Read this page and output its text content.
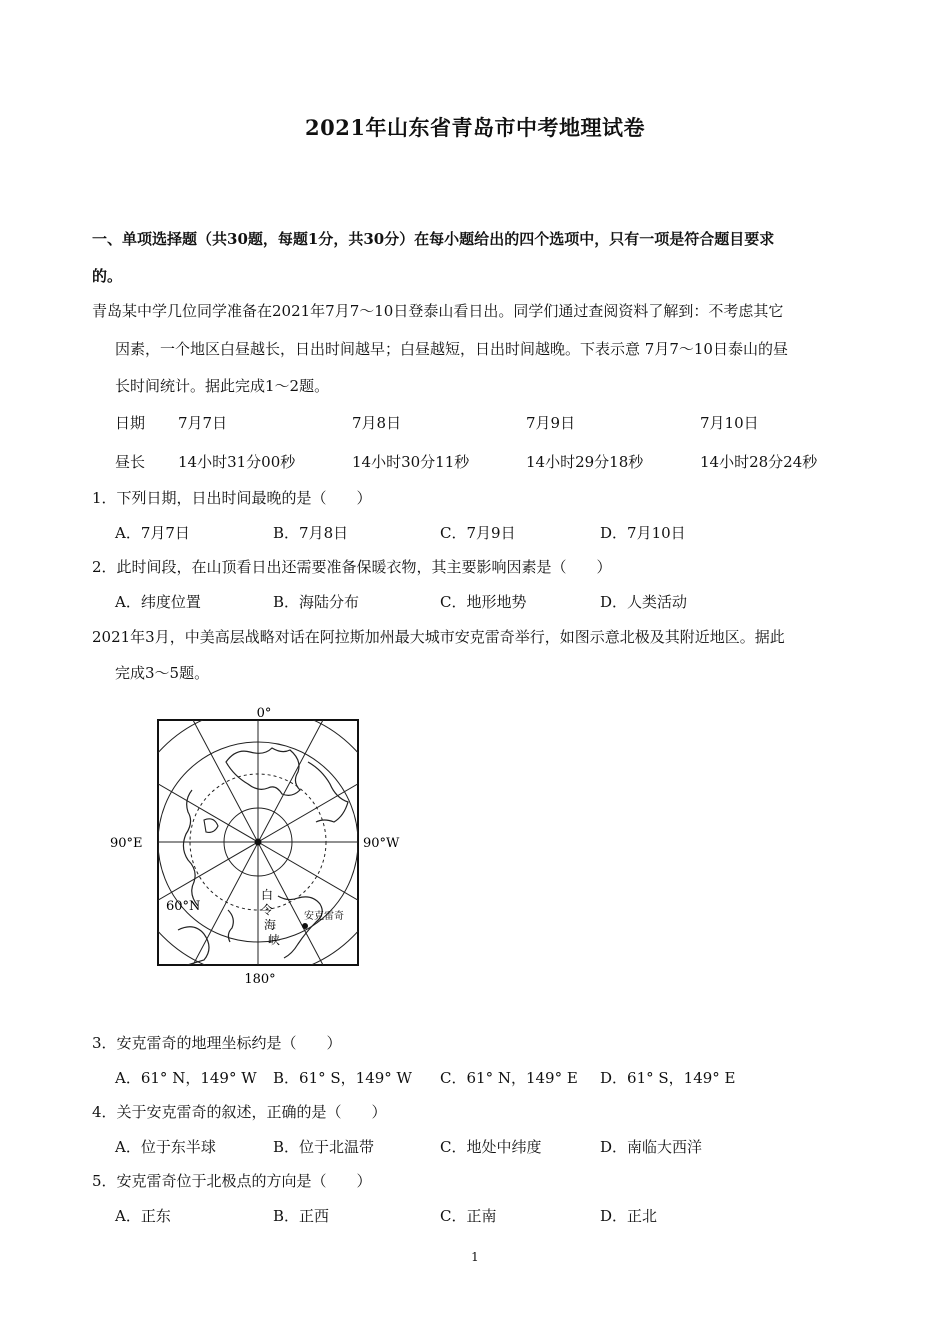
2021年山东省青岛市中考地理试卷
一、单项选择题（共30题，每题1分，共30分）在每小题给出的四个选项中，只有一项是符合题目要求
的。
青岛某中学几位同学准备在2021年7月7～10日登泰山看日出。同学们通过查阅资料了解到：不考虑其它
因素，一个地区白昼越长，日出时间越早；白昼越短，日出时间越晚。下表示意 7月7～10日泰山的昼
长时间统计。据此完成1～2题。
日期 7月7日	7月8日	7月9日	7月10日
昼长 14小时31分00秒	14小时30分11秒	14小时29分18秒	14小时28分24秒
1．下列日期，日出时间最晚的是（　　）
A．7月7日	B．7月8日	C．7月9日	D．7月10日
2．此时间段，在山顶看日出还需要准备保暖衣物，其主要影响因素是（　　）
A．纬度位置	B．海陆分布	C．地形地势	D．人类活动
2021年3月，中美高层战略对话在阿拉斯加州最大城市安克雷奇举行，如图示意北极及其附近地区。据此
完成3～5题。
0°
90°E	90°W
180°
60°N
安克雷奇
白
令
海
峡
3．安克雷奇的地理坐标约是（　　）
A．61° N，149° W B．61° S，149° W C．61° N，149° E D．61° S，149° E
4．关于安克雷奇的叙述，正确的是（　　）
A．位于东半球	B．位于北温带	C．地处中纬度	D．南临大西洋
5．安克雷奇位于北极点的方向是（　　）
A．正东	B．正西	C．正南	D．正北
1
